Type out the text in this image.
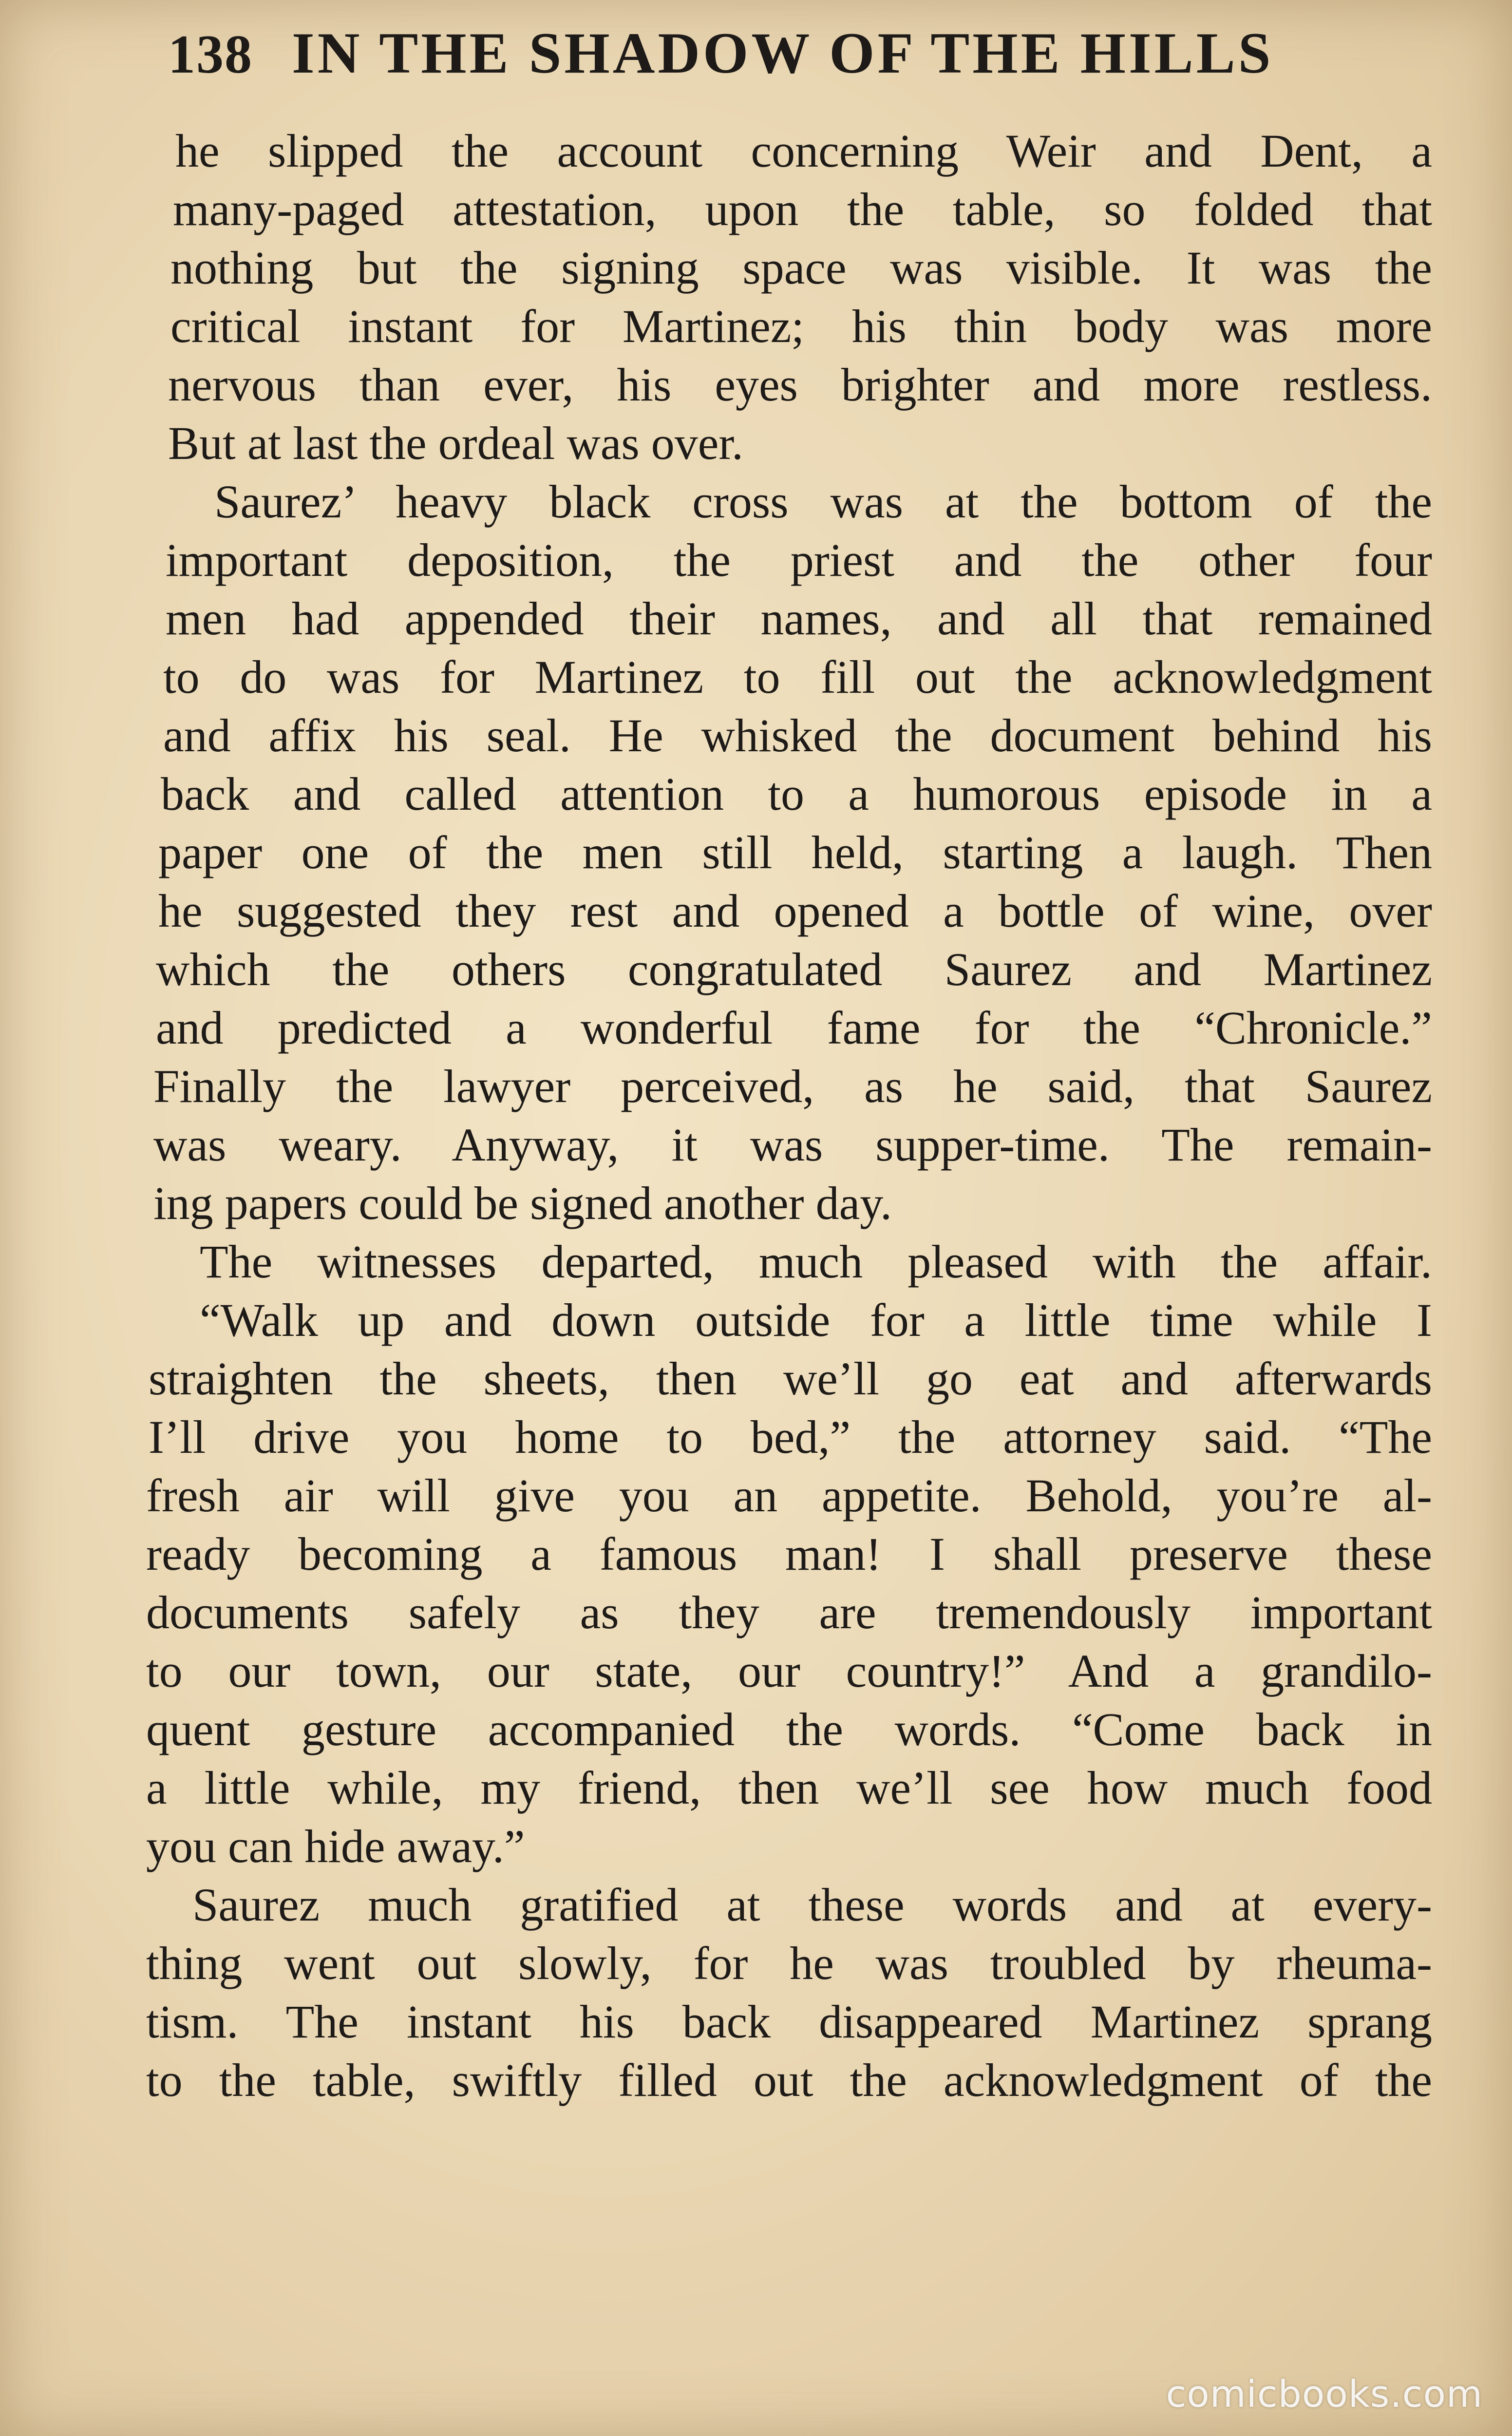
138 IN THE SHADOW OF THE HILLS
he slipped the account concerning Weir and Dent, a
many-paged attestation, upon the table, so folded that
nothing but the signing space was visible. It was the
critical instant for Martinez; his thin body was more
nervous than ever, his eyes brighter and more restless.
But at last the ordeal was over.
Saurez’ heavy black cross was at the bottom of the
important deposition, the priest and the other four
men had appended their names, and all that remained
to do was for Martinez to fill out the acknowledgment
and affix his seal. He whisked the document behind his
back and called attention to a humorous episode in a
paper one of the men still held, starting a laugh. Then
he suggested they rest and opened a bottle of wine, over
which the others congratulated Saurez and Martinez
and predicted a wonderful fame for the “Chronicle.”
Finally the lawyer perceived, as he said, that Saurez
was weary. Anyway, it was supper-time. The remain-
ing papers could be signed another day.
The witnesses departed, much pleased with the affair.
“Walk up and down outside for a little time while I
straighten the sheets, then we’ll go eat and afterwards
I’ll drive you home to bed,” the attorney said. “The
fresh air will give you an appetite. Behold, you’re al-
ready becoming a famous man! I shall preserve these
documents safely as they are tremendously important
to our town, our state, our country!” And a grandilo-
quent gesture accompanied the words. “Come back in
a little while, my friend, then we’ll see how much food
you can hide away.”
Saurez much gratified at these words and at every-
thing went out slowly, for he was troubled by rheuma-
tism. The instant his back disappeared Martinez sprang
to the table, swiftly filled out the acknowledgment of the
comicbooks.com
